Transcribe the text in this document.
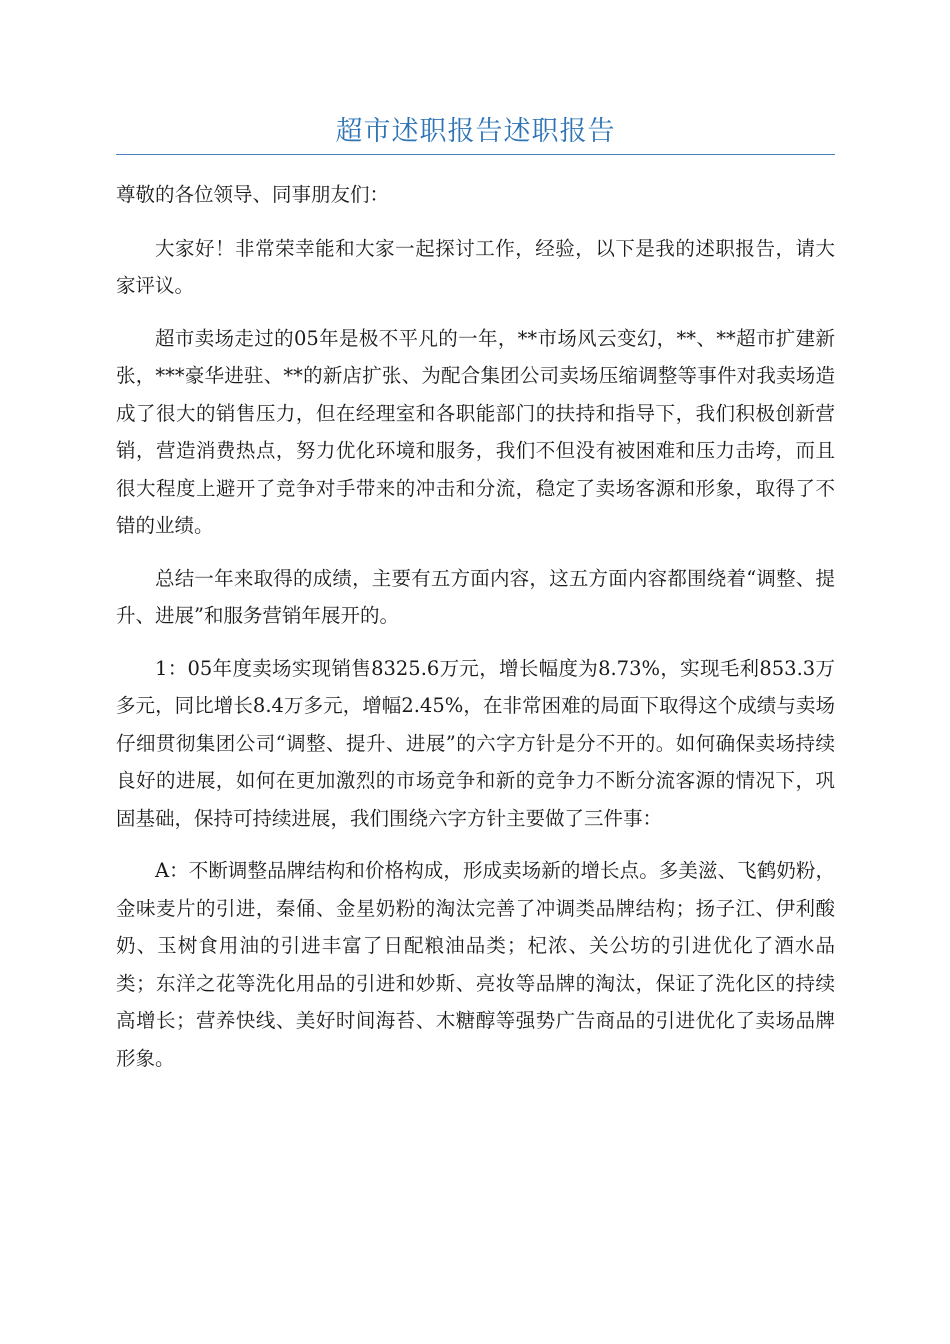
超市述职报告述职报告

尊敬的各位领导、同事朋友们：

大家好！非常荣幸能和大家一起探讨工作，经验，以下是我的述职报告，请大家评议。

超市卖场走过的05年是极不平凡的一年，**市场风云变幻，**、**超市扩建新张，***豪华进驻、**的新店扩张、为配合集团公司卖场压缩调整等事件对我卖场造成了很大的销售压力，但在经理室和各职能部门的扶持和指导下，我们积极创新营销，营造消费热点，努力优化环境和服务，我们不但没有被困难和压力击垮，而且很大程度上避开了竞争对手带来的冲击和分流，稳定了卖场客源和形象，取得了不错的业绩。

总结一年来取得的成绩，主要有五方面内容，这五方面内容都围绕着“调整、提升、进展”和服务营销年展开的。

1：05年度卖场实现销售8325.6万元，增长幅度为8.73%，实现毛利853.3万多元，同比增长8.4万多元，增幅2.45%，在非常困难的局面下取得这个成绩与卖场仔细贯彻集团公司“调整、提升、进展”的六字方针是分不开的。如何确保卖场持续良好的进展，如何在更加激烈的市场竞争和新的竞争力不断分流客源的情况下，巩固基础，保持可持续进展，我们围绕六字方针主要做了三件事：

A：不断调整品牌结构和价格构成，形成卖场新的增长点。多美滋、飞鹤奶粉，金味麦片的引进，秦俑、金星奶粉的淘汰完善了冲调类品牌结构；扬子江、伊利酸奶、玉树食用油的引进丰富了日配粮油品类；杞浓、关公坊的引进优化了酒水品类；东洋之花等洗化用品的引进和妙斯、亮妆等品牌的淘汰，保证了洗化区的持续高增长；营养快线、美好时间海苔、木糖醇等强势广告商品的引进优化了卖场品牌形象。
